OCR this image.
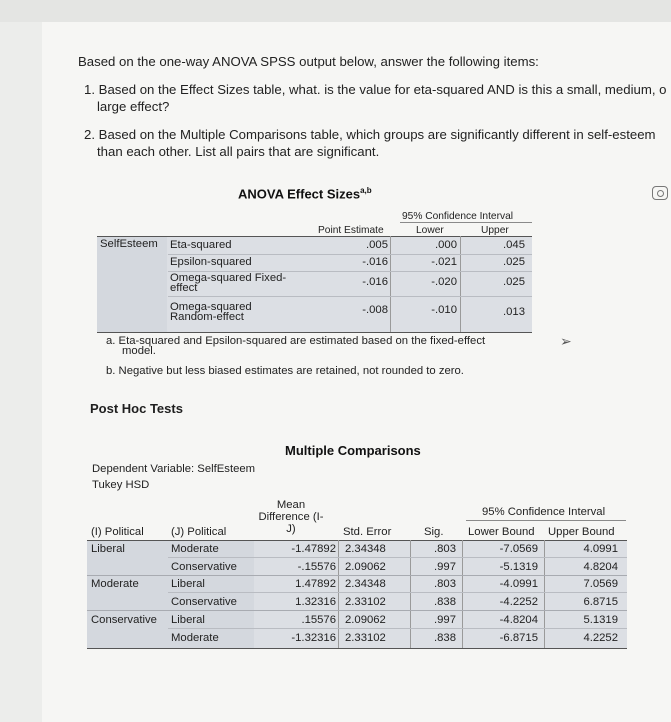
Based on the one-way ANOVA SPSS output below, answer the following items:
1. Based on the Effect Sizes table, what. is the value for eta-squared AND is this a small, medium, o
large effect?
2. Based on the Multiple Comparisons table, which groups are significantly different in self-esteem
than each other. List all pairs that are significant.
ANOVA Effect Sizes$^{a,b}$
95% Confidence Interval
Point Estimate	Lower	Upper
SelfEsteem Eta-squared	.005	.000	.045
Epsilon-squared	-.016	-.021	.025
Omega-squared Fixed-
effect	-.016	-.020	.025
Omega-squared
Random-effect
-.008	-.010	.013
a. Eta-squared and Epsilon-squared are estimated based on the fixed-effect
model.
b. Negative but less biased estimates are retained, not rounded to zero.
➢
Post Hoc Tests
Multiple Comparisons
Dependent Variable: SelfEsteem
Tukey HSD
Mean
Difference (I-
J)
(I) Political (J) Political	Std. Error	Sig.
95% Confidence Interval
Lower Bound Upper Bound
Liberal	Moderate	-1.47892 2.34348	.803	-7.0569	4.0991
Conservative	-.15576 2.09062	.997	-5.1319	4.8204
Moderate	Liberal	1.47892 2.34348	.803	-4.0991	7.0569
Conservative	1.32316 2.33102	.838	-4.2252	6.8715
Conservative Liberal	.15576 2.09062	.997	-4.8204	5.1319
Moderate	-1.32316 2.33102	.838	-6.8715	4.2252
